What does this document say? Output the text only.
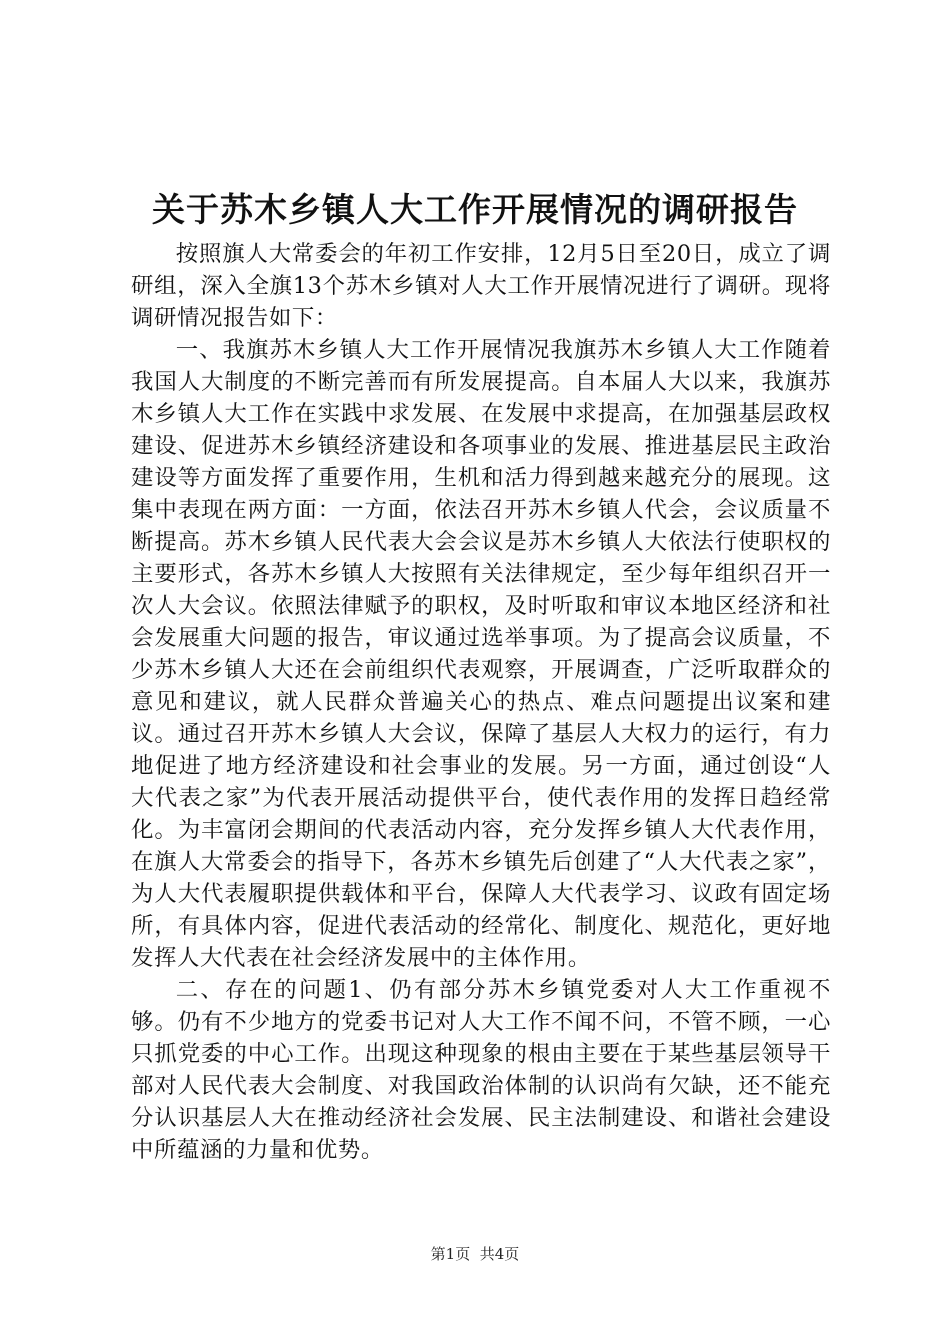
关于苏木乡镇人大工作开展情况的调研报告

按照旗人大常委会的年初工作安排，12月5日至20日，成立了调研组，深入全旗13个苏木乡镇对人大工作开展情况进行了调研。现将调研情况报告如下：

一、我旗苏木乡镇人大工作开展情况我旗苏木乡镇人大工作随着我国人大制度的不断完善而有所发展提高。自本届人大以来，我旗苏木乡镇人大工作在实践中求发展、在发展中求提高，在加强基层政权建设、促进苏木乡镇经济建设和各项事业的发展、推进基层民主政治建设等方面发挥了重要作用，生机和活力得到越来越充分的展现。这集中表现在两方面：一方面，依法召开苏木乡镇人代会，会议质量不断提高。苏木乡镇人民代表大会会议是苏木乡镇人大依法行使职权的主要形式，各苏木乡镇人大按照有关法律规定，至少每年组织召开一次人大会议。依照法律赋予的职权，及时听取和审议本地区经济和社会发展重大问题的报告，审议通过选举事项。为了提高会议质量，不少苏木乡镇人大还在会前组织代表观察，开展调查，广泛听取群众的意见和建议，就人民群众普遍关心的热点、难点问题提出议案和建议。通过召开苏木乡镇人大会议，保障了基层人大权力的运行，有力地促进了地方经济建设和社会事业的发展。另一方面，通过创设“人大代表之家”为代表开展活动提供平台，使代表作用的发挥日趋经常化。为丰富闭会期间的代表活动内容，充分发挥乡镇人大代表作用，在旗人大常委会的指导下，各苏木乡镇先后创建了“人大代表之家”，为人大代表履职提供载体和平台，保障人大代表学习、议政有固定场所，有具体内容，促进代表活动的经常化、制度化、规范化，更好地发挥人大代表在社会经济发展中的主体作用。

二、存在的问题1、仍有部分苏木乡镇党委对人大工作重视不够。仍有不少地方的党委书记对人大工作不闻不问，不管不顾，一心只抓党委的中心工作。出现这种现象的根由主要在于某些基层领导干部对人民代表大会制度、对我国政治体制的认识尚有欠缺，还不能充分认识基层人大在推动经济社会发展、民主法制建设、和谐社会建设中所蕴涵的力量和优势。

第1页 共4页
